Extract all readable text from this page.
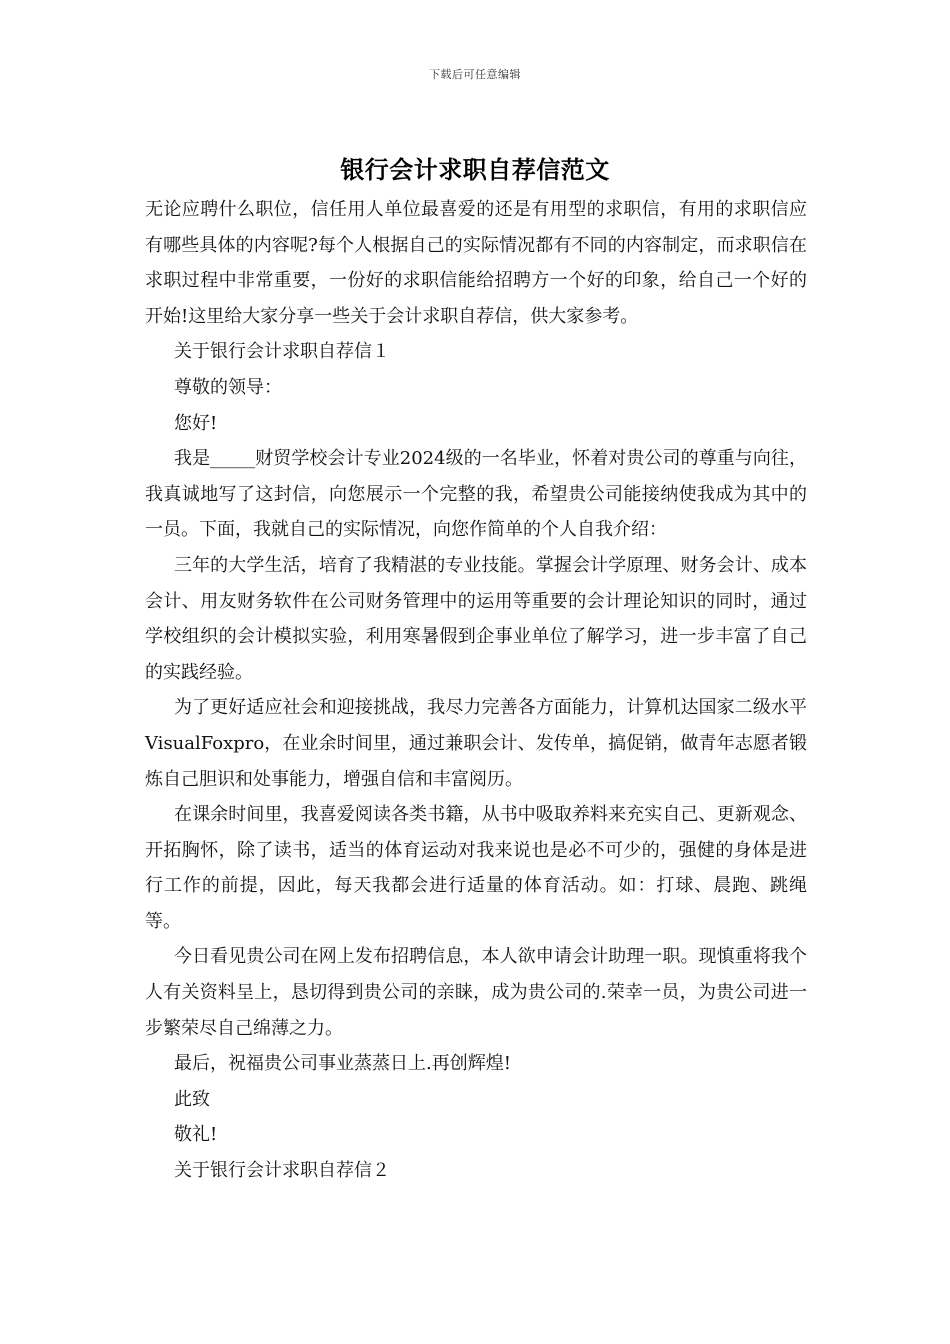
下载后可任意编辑
银行会计求职自荐信范文

无论应聘什么职位，信任用人单位最喜爱的还是有用型的求职信，有用的求职信应有哪些具体的内容呢?每个人根据自己的实际情况都有不同的内容制定，而求职信在求职过程中非常重要，一份好的求职信能给招聘方一个好的印象，给自己一个好的开始!这里给大家分享一些关于会计求职自荐信，供大家参考。

关于银行会计求职自荐信１

尊敬的领导：

您好!

我是_____财贸学校会计专业2024级的一名毕业，怀着对贵公司的尊重与向往，我真诚地写了这封信，向您展示一个完整的我，希望贵公司能接纳使我成为其中的一员。下面，我就自己的实际情况，向您作简单的个人自我介绍：

三年的大学生活，培育了我精湛的专业技能。掌握会计学原理、财务会计、成本会计、用友财务软件在公司财务管理中的运用等重要的会计理论知识的同时，通过学校组织的会计模拟实验，利用寒暑假到企事业单位了解学习，进一步丰富了自己的实践经验。

为了更好适应社会和迎接挑战，我尽力完善各方面能力，计算机达国家二级水平VisualFoxpro，在业余时间里，通过兼职会计、发传单，搞促销，做青年志愿者锻炼自己胆识和处事能力，增强自信和丰富阅历。

在课余时间里，我喜爱阅读各类书籍，从书中吸取养料来充实自己、更新观念、开拓胸怀，除了读书，适当的体育运动对我来说也是必不可少的，强健的身体是进行工作的前提，因此，每天我都会进行适量的体育活动。如：打球、晨跑、跳绳等。

今日看见贵公司在网上发布招聘信息，本人欲申请会计助理一职。现慎重将我个人有关资料呈上，恳切得到贵公司的亲睐，成为贵公司的.荣幸一员，为贵公司进一步繁荣尽自己绵薄之力。

最后，祝福贵公司事业蒸蒸日上.再创辉煌!

此致

敬礼!

关于银行会计求职自荐信２
